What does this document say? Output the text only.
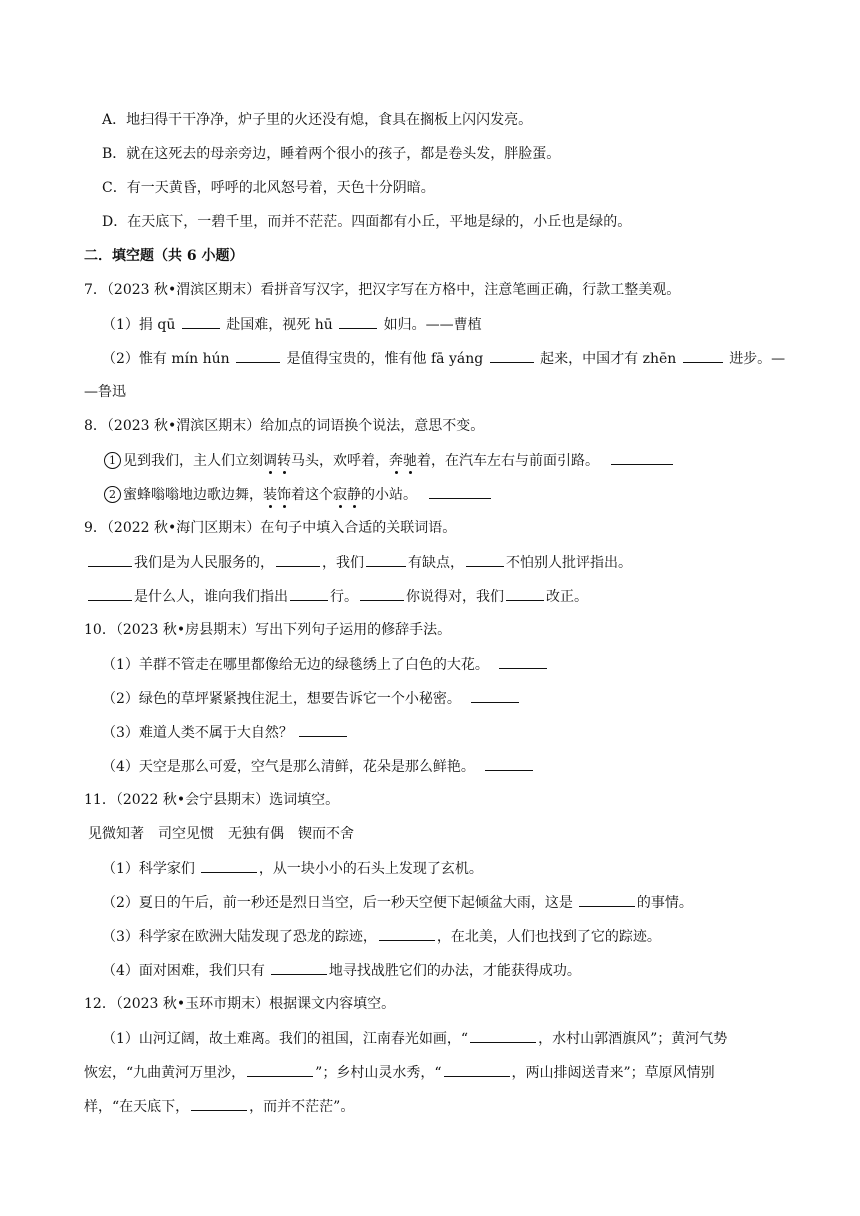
A．地扫得干干净净，炉子里的火还没有熄，食具在搁板上闪闪发亮。
B．就在这死去的母亲旁边，睡着两个很小的孩子，都是卷头发，胖脸蛋。
C．有一天黄昏，呼呼的北风怒号着，天色十分阴暗。
D．在天底下，一碧千里，而并不茫茫。四面都有小丘，平地是绿的，小丘也是绿的。
二．填空题（共 6 小题）
7．（2023 秋•渭滨区期末）看拼音写汉字，把汉字写在方格中，注意笔画正确，行款工整美观。
（1）捐 qū	赴国难，视死 hū	如归。——曹植
（2）惟有 mín hún	是值得宝贵的，惟有他 fā yáng	起来，中国才有 zhēn	进步。—
—鲁迅
8．（2023 秋•渭滨区期末）给加点的词语换个说法，意思不变。
1 见到我们，主人们立刻调转马头，欢呼着，奔驰着，在汽车左右与前面引路。
2 蜜蜂嗡嗡地边歌边舞，装饰着这个寂静的小站。
9．（2022 秋•海门区期末）在句子中填入合适的关联词语。
我们是为人民服务的，	，我们	有缺点，	不怕别人批评指出。
是什么人，谁向我们指出	行。	你说得对，我们	改正。
10．（2023 秋•房县期末）写出下列句子运用的修辞手法。
（1）羊群不管走在哪里都像给无边的绿毯绣上了白色的大花。
（2）绿色的草坪紧紧拽住泥土，想要告诉它一个小秘密。
（3）难道人类不属于大自然？
（4）天空是那么可爱，空气是那么清鲜，花朵是那么鲜艳。
11．（2022 秋•会宁县期末）选词填空。
见微知著　司空见惯　无独有偶　锲而不舍
（1）科学家们	，从一块小小的石头上发现了玄机。
（2）夏日的午后，前一秒还是烈日当空，后一秒天空便下起倾盆大雨，这是	的事情。
（3）科学家在欧洲大陆发现了恐龙的踪迹，	，在北美，人们也找到了它的踪迹。
（4）面对困难，我们只有	地寻找战胜它们的办法，才能获得成功。
12．（2023 秋•玉环市期末）根据课文内容填空。
（1）山河辽阔，故土难离。我们的祖国，江南春光如画，“	，水村山郭酒旗风”；黄河气势
恢宏，“九曲黄河万里沙，	”；乡村山灵水秀，“	，两山排闼送青来”；草原风情别
样，“在天底下，	，而并不茫茫”。
